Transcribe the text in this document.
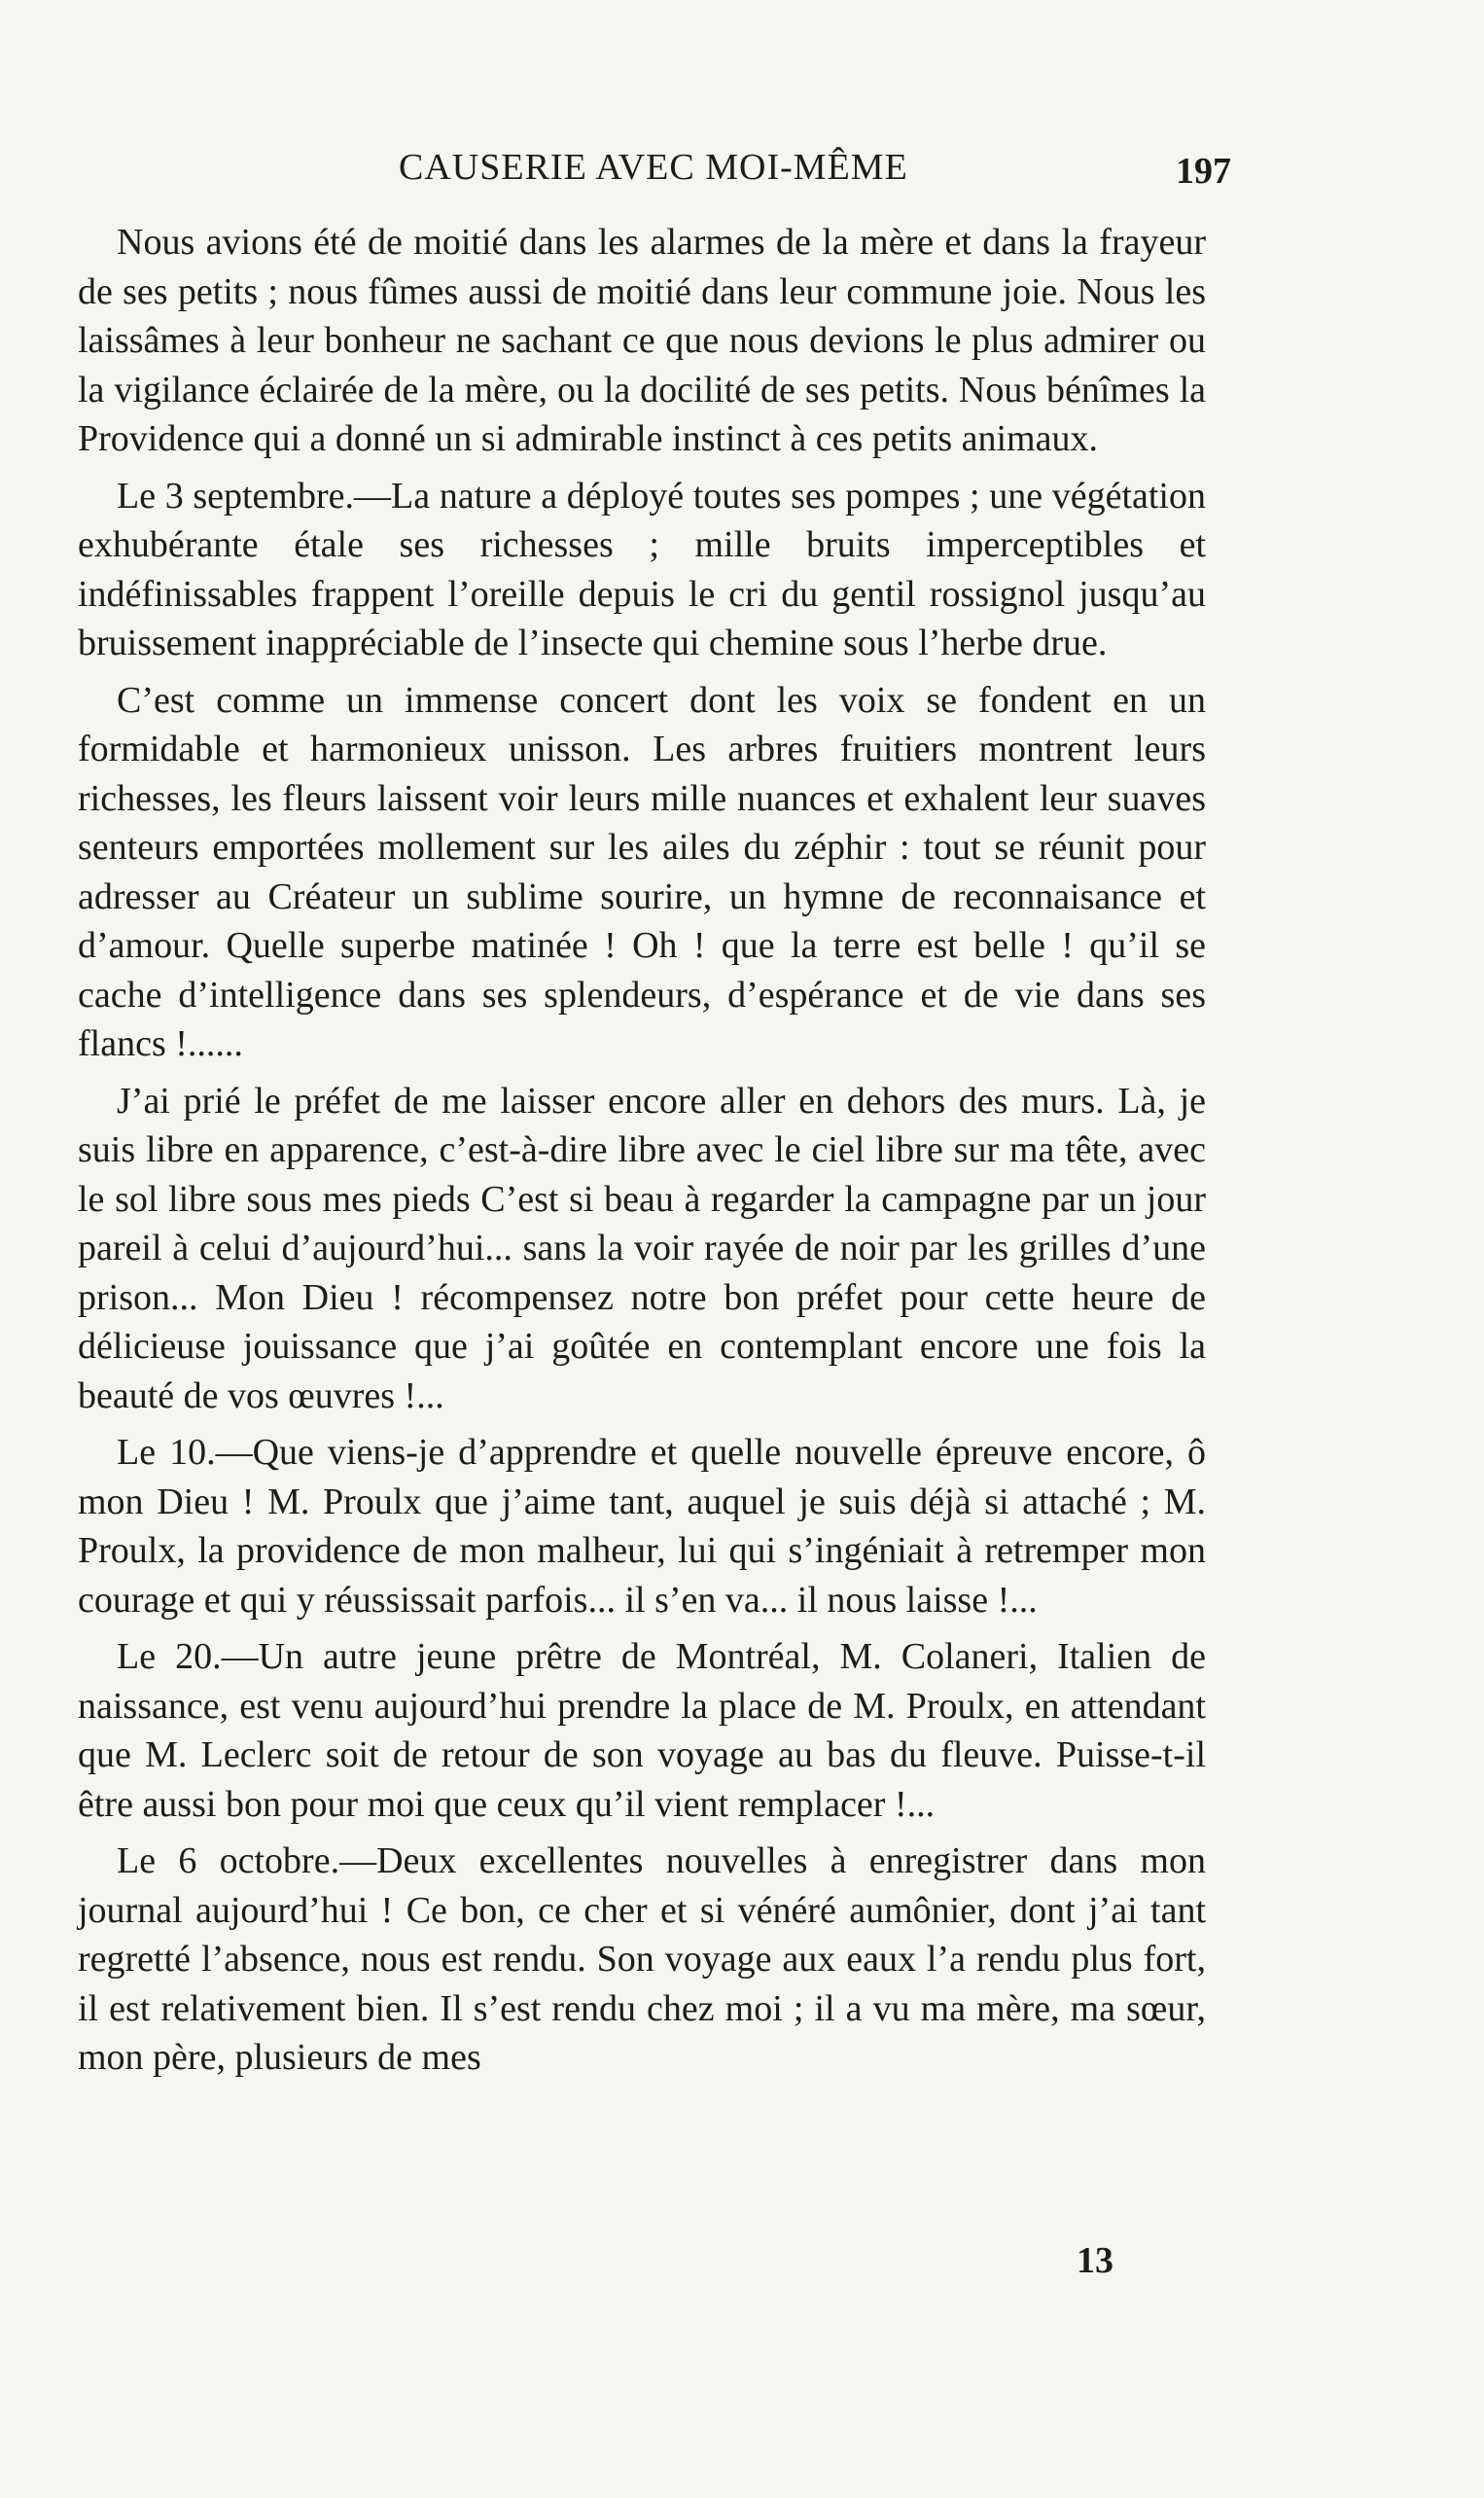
CAUSERIE AVEC MOI-MÊME	197

Nous avions été de moitié dans les alarmes de la mère et dans la frayeur de ses petits ; nous fûmes aussi de moitié dans leur commune joie. Nous les laissâmes à leur bonheur ne sachant ce que nous devions le plus admirer ou la vigilance éclairée de la mère, ou la docilité de ses petits. Nous bénîmes la Providence qui a donné un si admirable instinct à ces petits animaux.

Le 3 septembre.—La nature a déployé toutes ses pompes ; une végétation exhubérante étale ses richesses ; mille bruits imperceptibles et indéfinissables frappent l’oreille depuis le cri du gentil rossignol jusqu’au bruissement inappréciable de l’insecte qui chemine sous l’herbe drue.

C’est comme un immense concert dont les voix se fondent en un formidable et harmonieux unisson. Les arbres fruitiers montrent leurs richesses, les fleurs laissent voir leurs mille nuances et exhalent leur suaves senteurs emportées mollement sur les ailes du zéphir : tout se réunit pour adresser au Créateur un sublime sourire, un hymne de reconnaisance et d’amour. Quelle superbe matinée ! Oh ! que la terre est belle ! qu’il se cache d’intelligence dans ses splendeurs, d’espérance et de vie dans ses flancs !......

J’ai prié le préfet de me laisser encore aller en dehors des murs. Là, je suis libre en apparence, c’est-à-dire libre avec le ciel libre sur ma tête, avec le sol libre sous mes pieds C’est si beau à regarder la campagne par un jour pareil à celui d’aujourd’hui... sans la voir rayée de noir par les grilles d’une prison... Mon Dieu ! récompensez notre bon préfet pour cette heure de délicieuse jouissance que j’ai goûtée en contemplant encore une fois la beauté de vos œuvres !...

Le 10.—Que viens-je d’apprendre et quelle nouvelle épreuve encore, ô mon Dieu ! M. Proulx que j’aime tant, auquel je suis déjà si attaché ; M. Proulx, la providence de mon malheur, lui qui s’ingéniait à retremper mon courage et qui y réussissait parfois... il s’en va... il nous laisse !...

Le 20.—Un autre jeune prêtre de Montréal, M. Colaneri, Italien de naissance, est venu aujourd’hui prendre la place de M. Proulx, en attendant que M. Leclerc soit de retour de son voyage au bas du fleuve. Puisse-t-il être aussi bon pour moi que ceux qu’il vient remplacer !...

Le 6 octobre.—Deux excellentes nouvelles à enregistrer dans mon journal aujourd’hui ! Ce bon, ce cher et si vénéré aumônier, dont j’ai tant regretté l’absence, nous est rendu. Son voyage aux eaux l’a rendu plus fort, il est relativement bien. Il s’est rendu chez moi ; il a vu ma mère, ma sœur, mon père, plusieurs de mes

13
